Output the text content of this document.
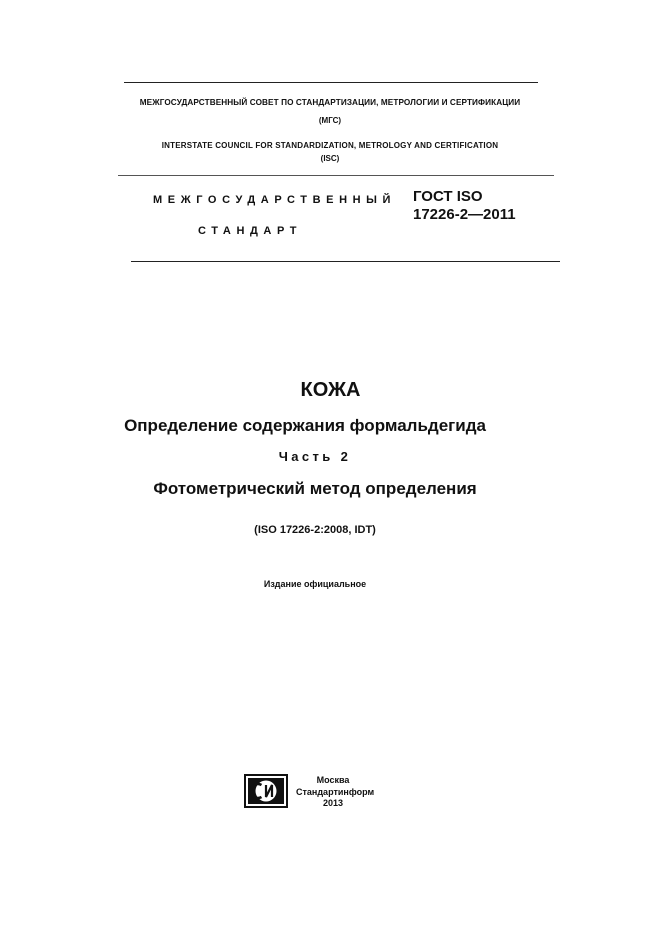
МЕЖГОСУДАРСТВЕННЫЙ СОВЕТ ПО СТАНДАРТИЗАЦИИ, МЕТРОЛОГИИ И СЕРТИФИКАЦИИ
(МГС)
INTERSTATE COUNCIL FOR STANDARDIZATION, METROLOGY AND CERTIFICATION
(ISC)
МЕЖГОСУДАРСТВЕННЫЙ
СТАНДАРТ
ГОСТ ISO
17226-2—2011
КОЖА
Определение содержания формальдегида
Часть 2
Фотометрический метод определения
(ISO 17226-2:2008, IDT)
Издание официальное
Москва
Стандартинформ
2013
